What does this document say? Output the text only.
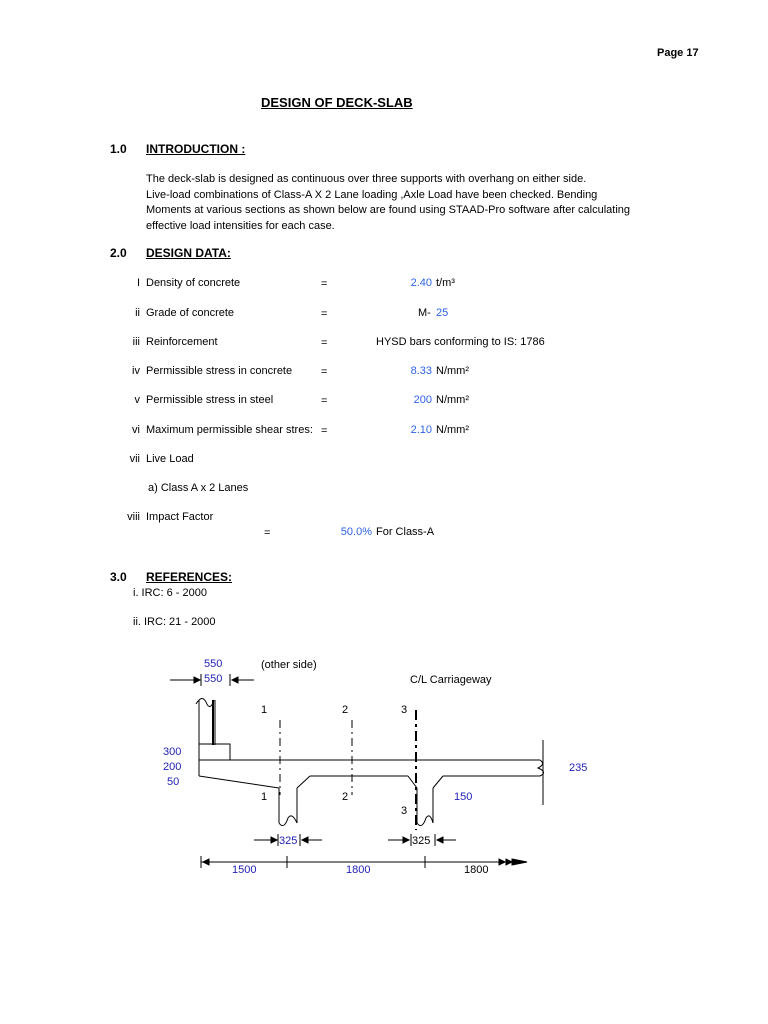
Page 17
DESIGN OF DECK-SLAB
1.0 INTRODUCTION :
The deck-slab is designed as continuous over three supports with overhang on either side.
Live-load combinations of Class-A X 2 Lane loading ,Axle Load have been checked. Bending
Moments at various sections as shown below are found using STAAD-Pro software after calculating
effective load intensities for each case.
2.0 DESIGN DATA:
I Density of concrete	=	2.40 t/m³
ii Grade of concrete	=	M- 25
iii Reinforcement	=	HYSD bars conforming to IS: 1786
iv Permissible stress in concrete	=	8.33 N/mm²
v Permissible stress in steel	=	200 N/mm²
vi Maximum permissible shear stres: =	2.10 N/mm²
vii Live Load
a) Class A x 2 Lanes
viii Impact Factor
=	50.0% For Class-A
3.0 REFERENCES:
i. IRC: 6 - 2000
ii. IRC: 21 - 2000
550
550
(other side)
C/L Carriageway
1	2	3
300
200
50
235
1	2
3
150
325	325
1500	1800	1800
